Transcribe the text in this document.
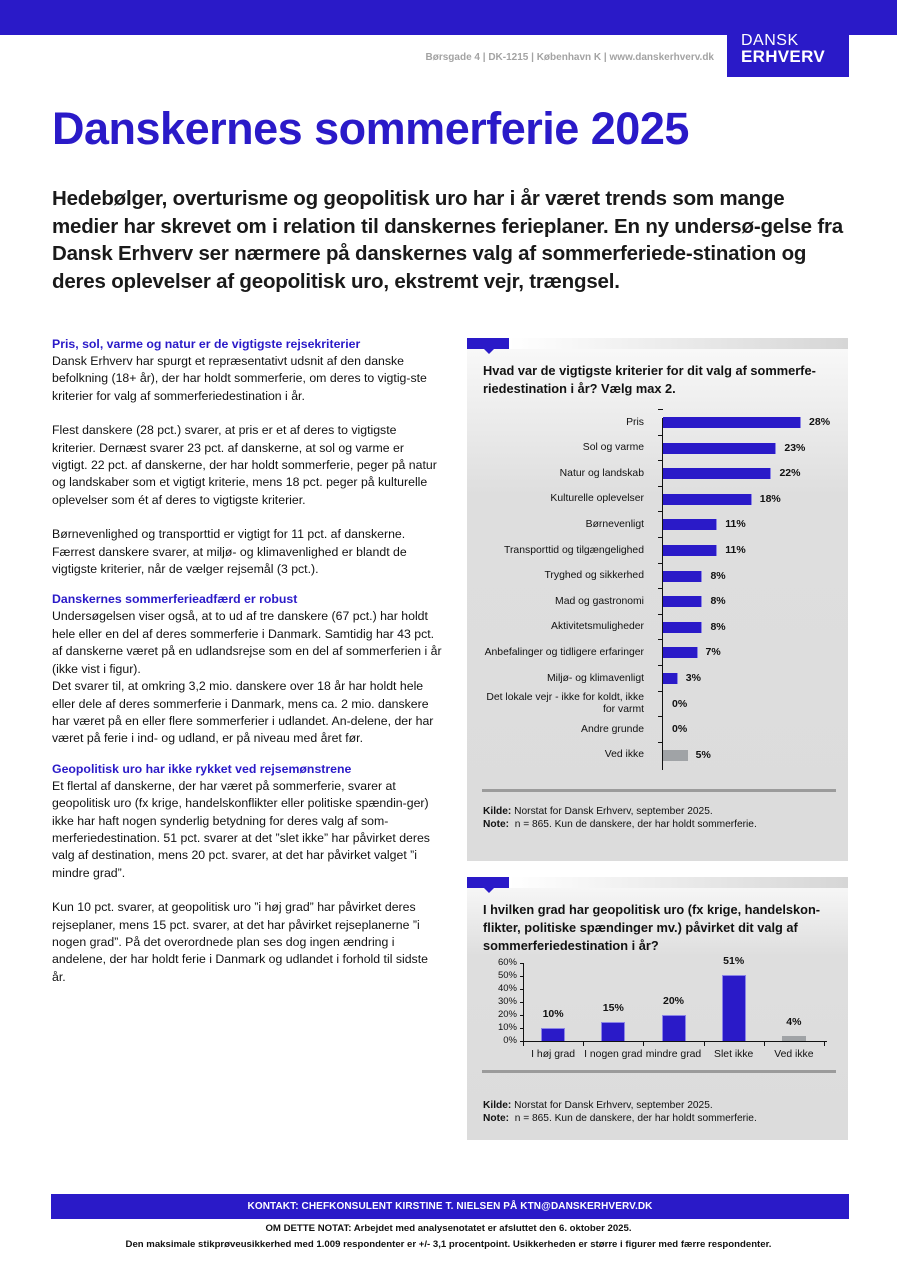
Børsgade 4 | DK-1215 | København K | www.danskerhverv.dk
DANSK
ERHVERV
Danskernes sommerferie 2025

Hedebølger, overturisme og geopolitisk uro har i år været trends som mange medier har skrevet om i relation til danskernes ferieplaner. En ny undersø-gelse fra Dansk Erhverv ser nærmere på danskernes valg af sommerferiede-stination og deres oplevelser af geopolitisk uro, ekstremt vejr, trængsel.

Pris, sol, varme og natur er de vigtigste rejsekriterier

Dansk Erhverv har spurgt et repræsentativt udsnit af den danske befolkning (18+ år), der har holdt sommerferie, om deres to vigtig-ste kriterier for valg af sommerferiedestination i år.

Flest danskere (28 pct.) svarer, at pris er et af deres to vigtigste kriterier. Dernæst svarer 23 pct. af danskerne, at sol og varme er vigtigt. 22 pct. af danskerne, der har holdt sommerferie, peger på natur og landskaber som et vigtigt kriterie, mens 18 pct. peger på kulturelle oplevelser som ét af deres to vigtigste kriterier.

Børnevenlighed og transporttid er vigtigt for 11 pct. af danskerne. Færrest danskere svarer, at miljø- og klimavenlighed er blandt de vigtigste kriterier, når de vælger rejsemål (3 pct.).

Danskernes sommerferieadfærd er robust

Undersøgelsen viser også, at to ud af tre danskere (67 pct.) har holdt hele eller en del af deres sommerferie i Danmark. Samtidig har 43 pct. af danskerne været på en udlandsrejse som en del af sommerferien i år (ikke vist i figur).

Det svarer til, at omkring 3,2 mio. danskere over 18 år har holdt hele eller dele af deres sommerferie i Danmark, mens ca. 2 mio. danskere har været på en eller flere sommerferier i udlandet. An-delene, der har været på ferie i ind- og udland, er på niveau med året før.

Geopolitisk uro har ikke rykket ved rejsemønstrene

Et flertal af danskerne, der har været på sommerferie, svarer at geopolitisk uro (fx krige, handelskonflikter eller politiske spændin-ger) ikke har haft nogen synderlig betydning for deres valg af som-merferiedestination. 51 pct. svarer at det ”slet ikke” har påvirket deres valg af destination, mens 20 pct. svarer, at det har påvirket valget ”i mindre grad”.

Kun 10 pct. svarer, at geopolitisk uro ”i høj grad” har påvirket deres rejseplaner, mens 15 pct. svarer, at det har påvirket rejseplanerne ”i nogen grad”. På det overordnede plan ses dog ingen ændring i andelene, der har holdt ferie i Danmark og udlandet i forhold til sidste år.

Hvad var de vigtigste kriterier for dit valg af sommerfe-riedestination i år? Vælg max 2.
Pris	28%
Sol og varme	23%
Natur og landskab	22%
Kulturelle oplevelser	18%
Børnevenligt	11%
Transporttid og tilgængelighed	11%
Tryghed og sikkerhed	8%
Mad og gastronomi	8%
Aktivitetsmuligheder	8%
Anbefalinger og tidligere erfaringer	7%
Miljø- og klimavenligt	3%
Det lokale vejr - ikke for koldt, ikke for varmt	0%
Andre grunde	0%
Ved ikke	5%
Kilde: Norstat for Dansk Erhverv, september 2025.
Note: n = 865. Kun de danskere, der har holdt sommerferie.
I hvilken grad har geopolitisk uro (fx krige, handelskon-flikter, politiske spændinger mv.) påvirket dit valg af sommerferiedestination i år?
60%
50%
40%
30%
20%
10%
0%
10%
I høj grad
15%
I nogen grad
20%
mindre grad
51%
Slet ikke
4%
Ved ikke
Kilde: Norstat for Dansk Erhverv, september 2025.
Note: n = 865. Kun de danskere, der har holdt sommerferie.
KONTAKT: CHEFKONSULENT KIRSTINE T. NIELSEN PÅ KTN@DANSKERHVERV.DK
OM DETTE NOTAT: Arbejdet med analysenotatet er afsluttet den 6. oktober 2025.
Den maksimale stikprøveusikkerhed med 1.009 respondenter er +/- 3,1 procentpoint. Usikkerheden er større i figurer med færre respondenter.
